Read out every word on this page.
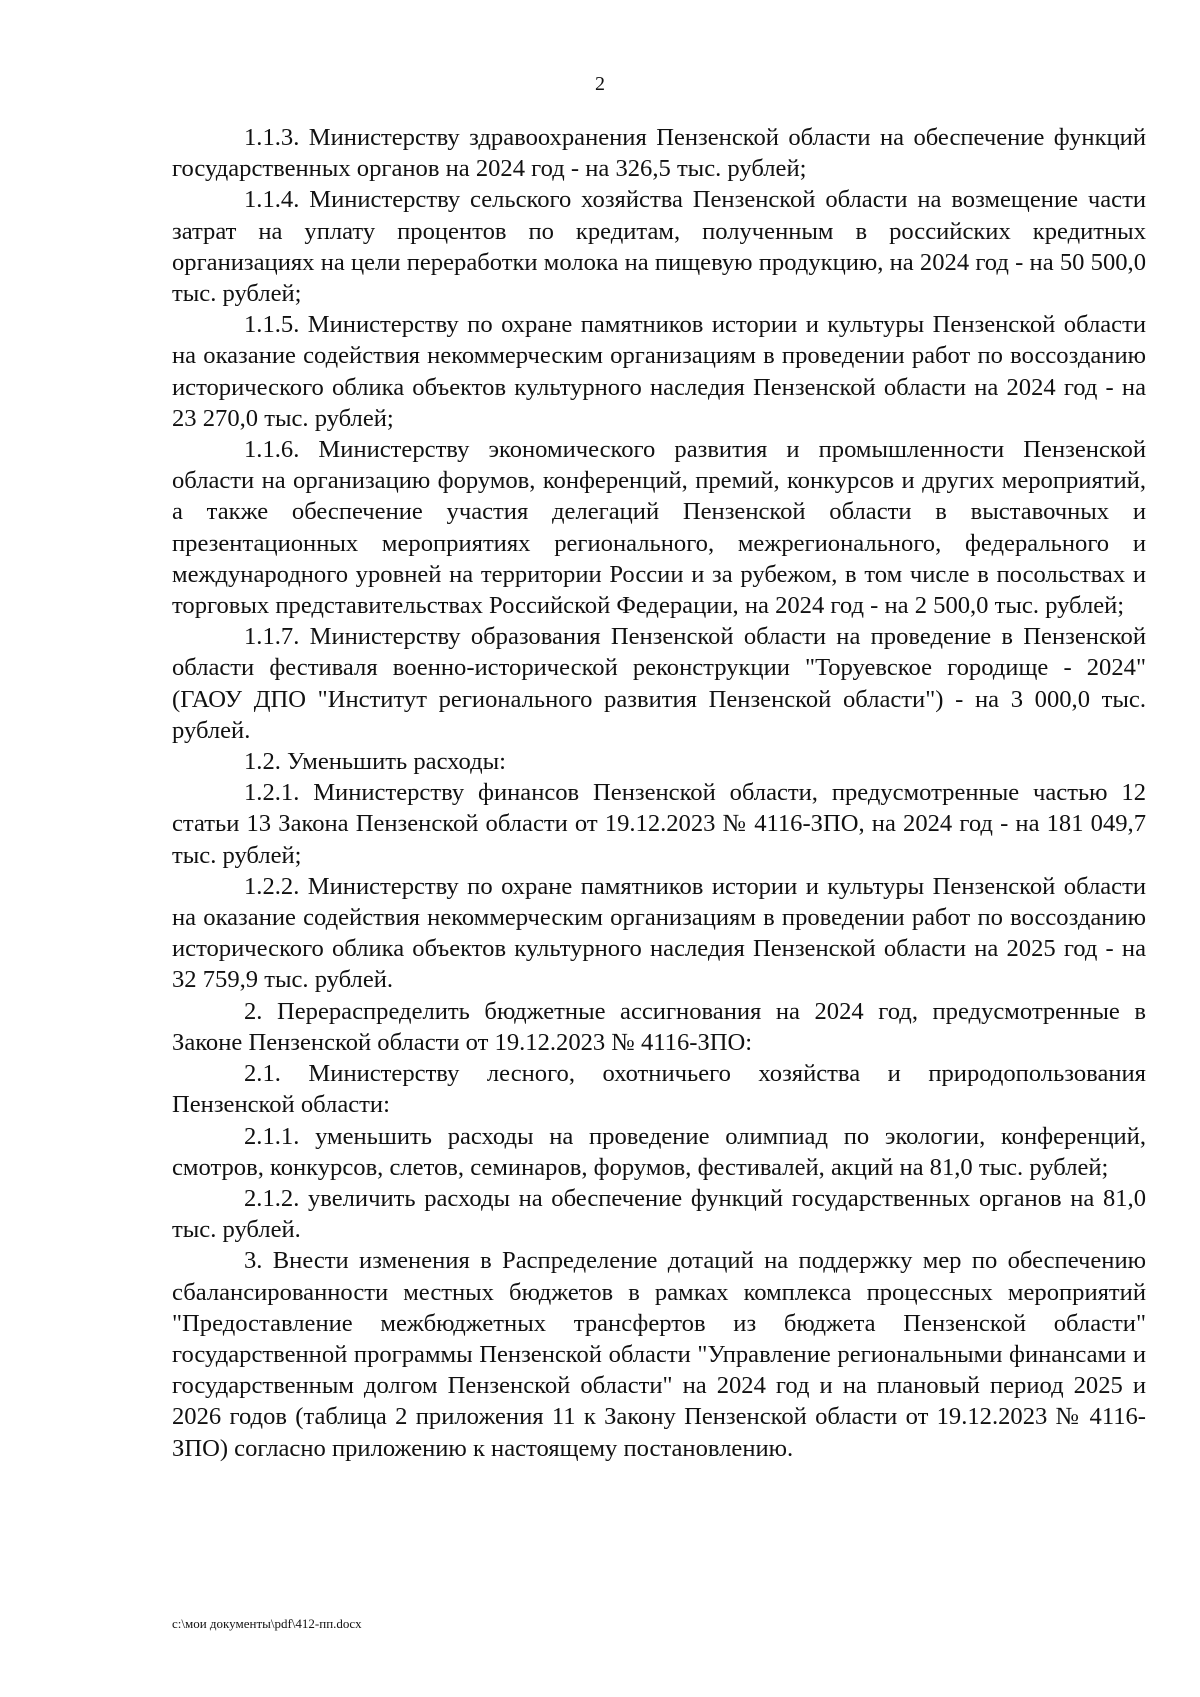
2

1.1.3. Министерству здравоохранения Пензенской области на обеспечение функций государственных органов на 2024 год - на 326,5 тыс. рублей;

1.1.4. Министерству сельского хозяйства Пензенской области на возмещение части затрат на уплату процентов по кредитам, полученным в российских кредитных организациях на цели переработки молока на пищевую продукцию, на 2024 год - на 50 500,0 тыс. рублей;

1.1.5. Министерству по охране памятников истории и культуры Пензенской области на оказание содействия некоммерческим организациям в проведении работ по воссозданию исторического облика объектов культурного наследия Пензенской области на 2024 год - на 23 270,0 тыс. рублей;

1.1.6. Министерству экономического развития и промышленности Пензенской области на организацию форумов, конференций, премий, конкурсов и других мероприятий, а также обеспечение участия делегаций Пензенской области в выставочных и презентационных мероприятиях регионального, межрегионального, федерального и международного уровней на территории России и за рубежом, в том числе в посольствах и торговых представительствах Российской Федерации, на 2024 год - на 2 500,0 тыс. рублей;

1.1.7. Министерству образования Пензенской области на проведение в Пензенской области фестиваля военно-исторической реконструкции "Торуевское городище - 2024" (ГАОУ ДПО "Институт регионального развития Пензенской области") - на 3 000,0 тыс. рублей.

1.2. Уменьшить расходы:

1.2.1. Министерству финансов Пензенской области, предусмотренные частью 12 статьи 13 Закона Пензенской области от 19.12.2023 № 4116-ЗПО, на 2024 год - на 181 049,7 тыс. рублей;

1.2.2. Министерству по охране памятников истории и культуры Пензенской области на оказание содействия некоммерческим организациям в проведении работ по воссозданию исторического облика объектов культурного наследия Пензенской области на 2025 год - на 32 759,9 тыс. рублей.

2. Перераспределить бюджетные ассигнования на 2024 год, предусмотренные в Законе Пензенской области от 19.12.2023 № 4116-ЗПО:

2.1. Министерству лесного, охотничьего хозяйства и природопользования Пензенской области:

2.1.1. уменьшить расходы на проведение олимпиад по экологии, конференций, смотров, конкурсов, слетов, семинаров, форумов, фестивалей, акций на 81,0 тыс. рублей;

2.1.2. увеличить расходы на обеспечение функций государственных органов на 81,0 тыс. рублей.

3. Внести изменения в Распределение дотаций на поддержку мер по обеспечению сбалансированности местных бюджетов в рамках комплекса процессных мероприятий "Предоставление межбюджетных трансфертов из бюджета Пензенской области" государственной программы Пензенской области "Управление региональными финансами и государственным долгом Пензенской области" на 2024 год и на плановый период 2025 и 2026 годов (таблица 2 приложения 11 к Закону Пензенской области от 19.12.2023 № 4116-ЗПО) согласно приложению к настоящему постановлению.

c:\мои документы\pdf\412-пп.docx
